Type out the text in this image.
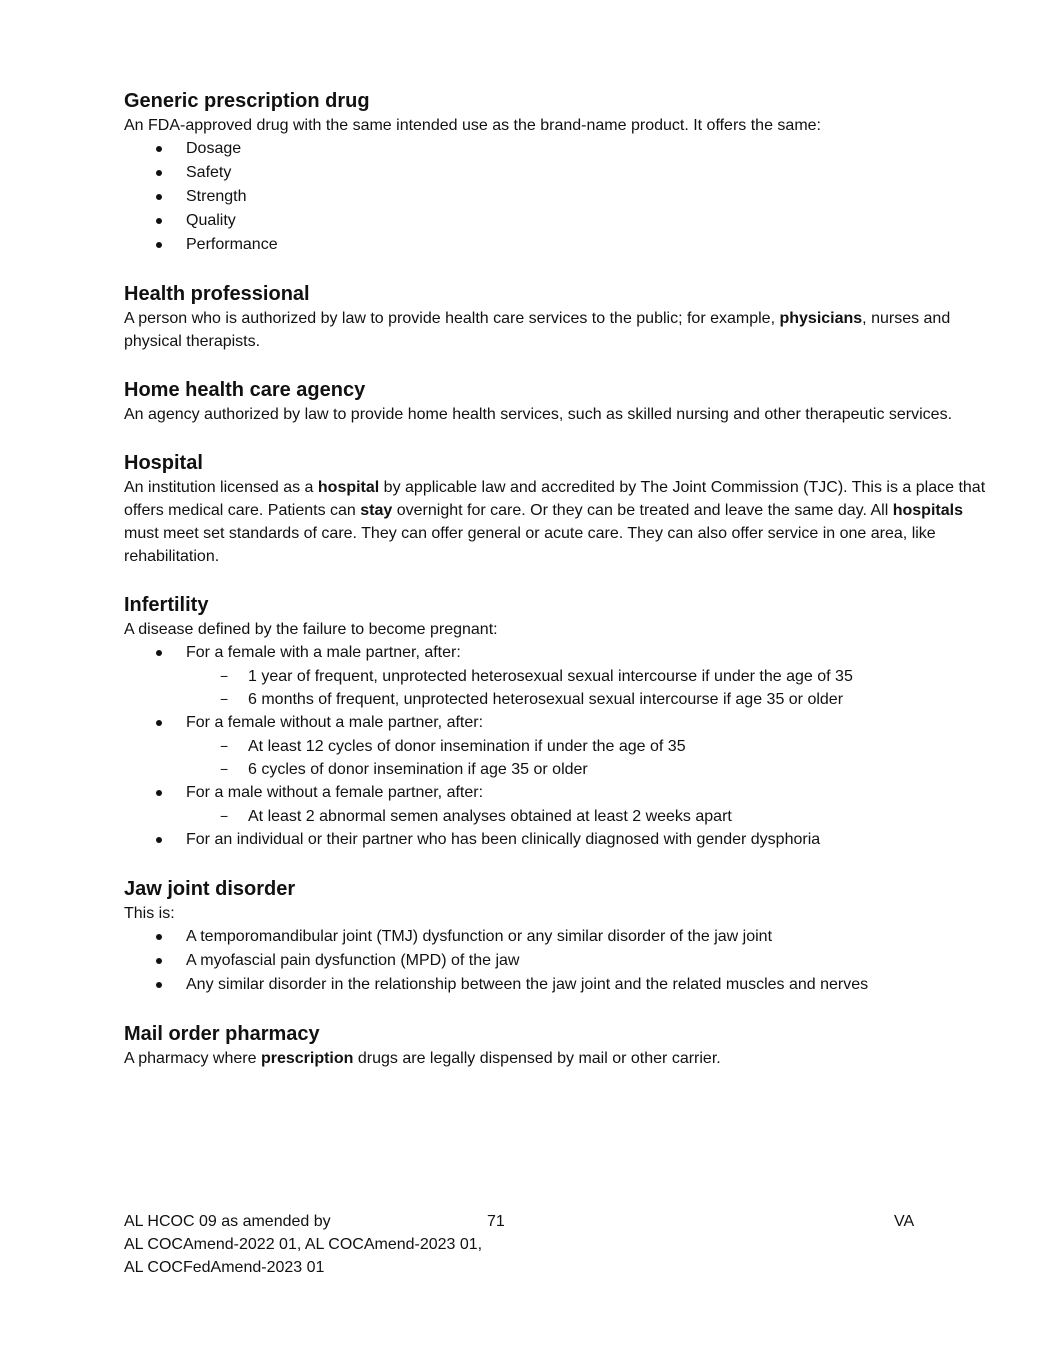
Generic prescription drug

An FDA-approved drug with the same intended use as the brand-name product. It offers the same:

Dosage
Safety
Strength
Quality
Performance
Health professional

A person who is authorized by law to provide health care services to the public; for example, physicians, nurses and physical therapists.

Home health care agency

An agency authorized by law to provide home health services, such as skilled nursing and other therapeutic services.

Hospital

An institution licensed as a hospital by applicable law and accredited by The Joint Commission (TJC). This is a place that offers medical care. Patients can stay overnight for care. Or they can be treated and leave the same day. All hospitals must meet set standards of care. They can offer general or acute care. They can also offer service in one area, like rehabilitation.

Infertility

A disease defined by the failure to become pregnant:

For a female with a male partner, after:
− 1 year of frequent, unprotected heterosexual sexual intercourse if under the age of 35
− 6 months of frequent, unprotected heterosexual sexual intercourse if age 35 or older
For a female without a male partner, after:
− At least 12 cycles of donor insemination if under the age of 35
− 6 cycles of donor insemination if age 35 or older
For a male without a female partner, after:
− At least 2 abnormal semen analyses obtained at least 2 weeks apart
For an individual or their partner who has been clinically diagnosed with gender dysphoria
Jaw joint disorder

This is:

A temporomandibular joint (TMJ) dysfunction or any similar disorder of the jaw joint
A myofascial pain dysfunction (MPD) of the jaw
Any similar disorder in the relationship between the jaw joint and the related muscles and nerves
Mail order pharmacy

A pharmacy where prescription drugs are legally dispensed by mail or other carrier.

AL HCOC 09 as amended by
AL COCAmend-2022 01, AL COCAmend-2023 01,
AL COCFedAmend-2023 01
71	VA
